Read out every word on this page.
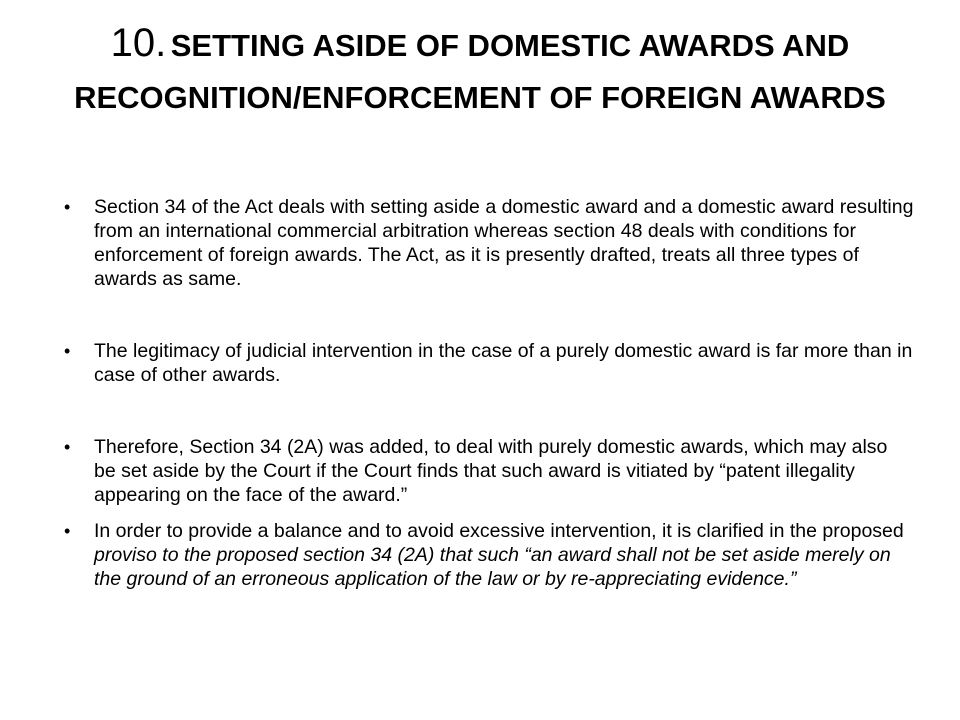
10. SETTING ASIDE OF DOMESTIC AWARDS AND RECOGNITION/ENFORCEMENT OF FOREIGN AWARDS
• Section 34 of the Act deals with setting aside a domestic award and a domestic award resulting from an international commercial arbitration whereas section 48 deals with conditions for enforcement of foreign awards. The Act, as it is presently drafted, treats all three types of awards as same.
• The legitimacy of judicial intervention in the case of a purely domestic award is far more than in case of other awards.
• Therefore, Section 34 (2A) was added, to deal with purely domestic awards, which may also be set aside by the Court if the Court finds that such award is vitiated by “patent illegality appearing on the face of the award.”
• In order to provide a balance and to avoid excessive intervention, it is clarified in the proposed proviso to the proposed section 34 (2A) that such “an award shall not be set aside merely on the ground of an erroneous application of the law or by re-appreciating evidence.”
